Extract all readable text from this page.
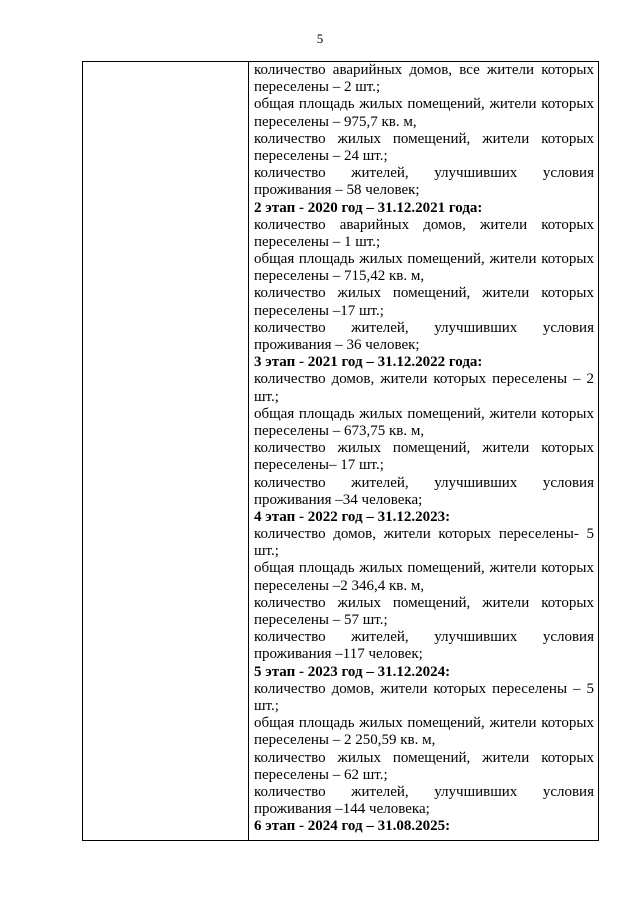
5
количество аварийных домов, все жители которых
переселены – 2 шт.;
общая площадь жилых помещений, жители которых
переселены – 975,7 кв. м,
количество жилых помещений, жители которых
переселены – 24 шт.;
количество жителей, улучшивших условия
проживания – 58 человек;
2 этап - 2020 год – 31.12.2021 года:
количество аварийных домов, жители которых
переселены – 1 шт.;
общая площадь жилых помещений, жители которых
переселены – 715,42 кв. м,
количество жилых помещений, жители которых
переселены –17 шт.;
количество жителей, улучшивших условия
проживания – 36 человек;
3 этап - 2021 год – 31.12.2022 года:
количество домов, жители которых переселены – 2
шт.;
общая площадь жилых помещений, жители которых
переселены – 673,75 кв. м,
количество жилых помещений, жители которых
переселены– 17 шт.;
количество жителей, улучшивших условия
проживания –34 человека;
4 этап - 2022 год – 31.12.2023:
количество домов, жители которых переселены- 5
шт.;
общая площадь жилых помещений, жители которых
переселены –2 346,4 кв. м,
количество жилых помещений, жители которых
переселены – 57 шт.;
количество жителей, улучшивших условия
проживания –117 человек;
5 этап - 2023 год – 31.12.2024:
количество домов, жители которых переселены – 5
шт.;
общая площадь жилых помещений, жители которых
переселены – 2 250,59 кв. м,
количество жилых помещений, жители которых
переселены – 62 шт.;
количество жителей, улучшивших условия
проживания –144 человека;
6 этап - 2024 год – 31.08.2025:
